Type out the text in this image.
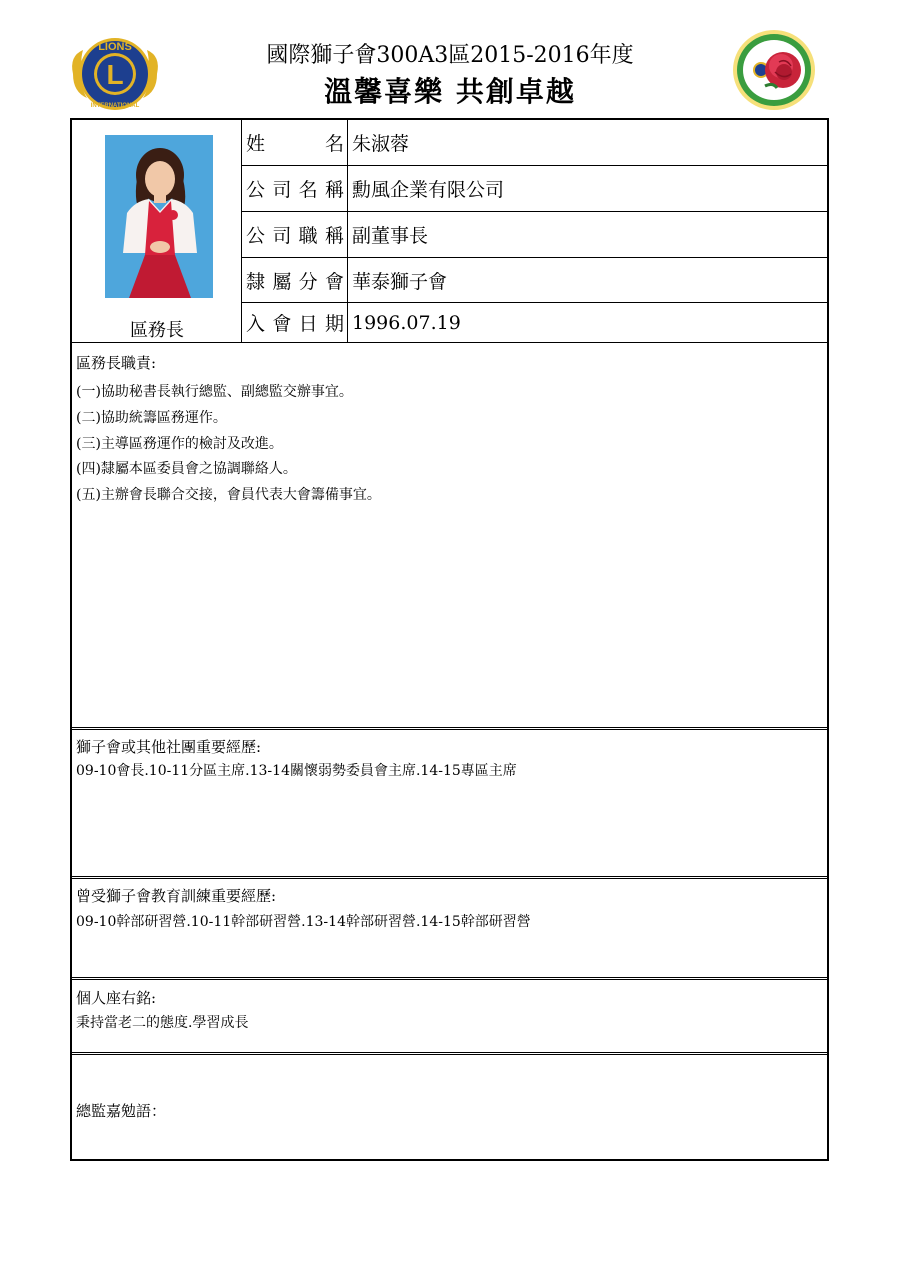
國際獅子會300A3區2015-2016年度
溫馨喜樂 共創卓越
L
LIONS
INTERNATIONAL
區務長
姓	名 朱淑蓉
公 司 名 稱 勳風企業有限公司
公 司 職 稱 副董事長
隸 屬 分 會 華泰獅子會
入 會 日 期 1996.07.19
區務長職責:
(一)協助秘書長執行總監、副總監交辦事宜。
(二)協助統籌區務運作。
(三)主導區務運作的檢討及改進。
(四)隸屬本區委員會之協調聯絡人。
(五)主辦會長聯合交接，會員代表大會籌備事宜。
獅子會或其他社團重要經歷:
09-10會長.10-11分區主席.13-14關懷弱勢委員會主席.14-15專區主席
曾受獅子會教育訓練重要經歷:
09-10幹部研習營.10-11幹部研習營.13-14幹部研習營.14-15幹部研習營
個人座右銘:
秉持當老二的態度.學習成長
總監嘉勉語：
